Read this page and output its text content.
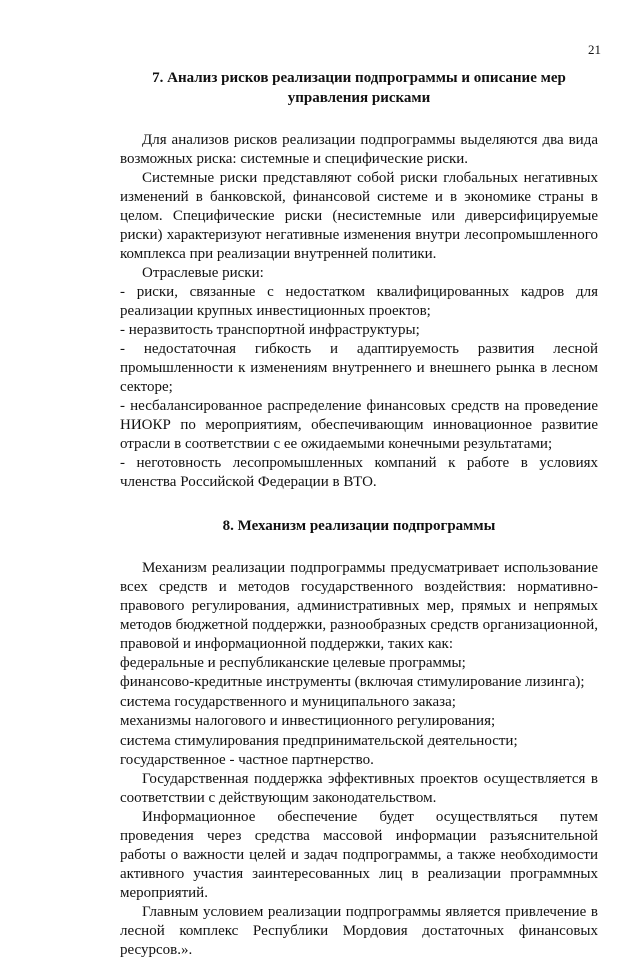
21
7. Анализ рисков реализации подпрограммы и описание мер
управления рисками

Для анализов рисков реализации подпрограммы выделяются два вида возможных риска: системные и специфические риски.

Системные риски представляют собой риски глобальных негативных изменений в банковской, финансовой системе и в экономике страны в целом. Специфические риски (несистемные или диверсифицируемые риски) характеризуют негативные изменения внутри лесопромышленного комплекса при реализации внутренней политики.

Отраслевые риски:

- риски, связанные с недостатком квалифицированных кадров для реализации крупных инвестиционных проектов;

- неразвитость транспортной инфраструктуры;

- недостаточная гибкость и адаптируемость развития лесной промышленности к изменениям внутреннего и внешнего рынка в лесном секторе;

- несбалансированное распределение финансовых средств на проведение НИОКР по мероприятиям, обеспечивающим инновационное развитие отрасли в соответствии с ее ожидаемыми конечными результатами;

- неготовность лесопромышленных компаний к работе в условиях членства Российской Федерации в ВТО.

8. Механизм реализации подпрограммы

Механизм реализации подпрограммы предусматривает использование всех средств и методов государственного воздействия: нормативно-правового регулирования, административных мер, прямых и непрямых методов бюджетной поддержки, разнообразных средств организационной, правовой и информационной поддержки, таких как:

федеральные и республиканские целевые программы;
финансово-кредитные инструменты (включая стимулирование лизинга);
система государственного и муниципального заказа;
механизмы налогового и инвестиционного регулирования;
система стимулирования предпринимательской деятельности;
государственное - частное партнерство.

Государственная поддержка эффективных проектов осуществляется в соответствии с действующим законодательством.

Информационное обеспечение будет осуществляться путем проведения через средства массовой информации разъяснительной работы о важности целей и задач подпрограммы, а также необходимости активного участия заинтересованных лиц в реализации программных мероприятий.

Главным условием реализации подпрограммы является привлечение в лесной комплекс Республики Мордовия достаточных финансовых ресурсов.».
